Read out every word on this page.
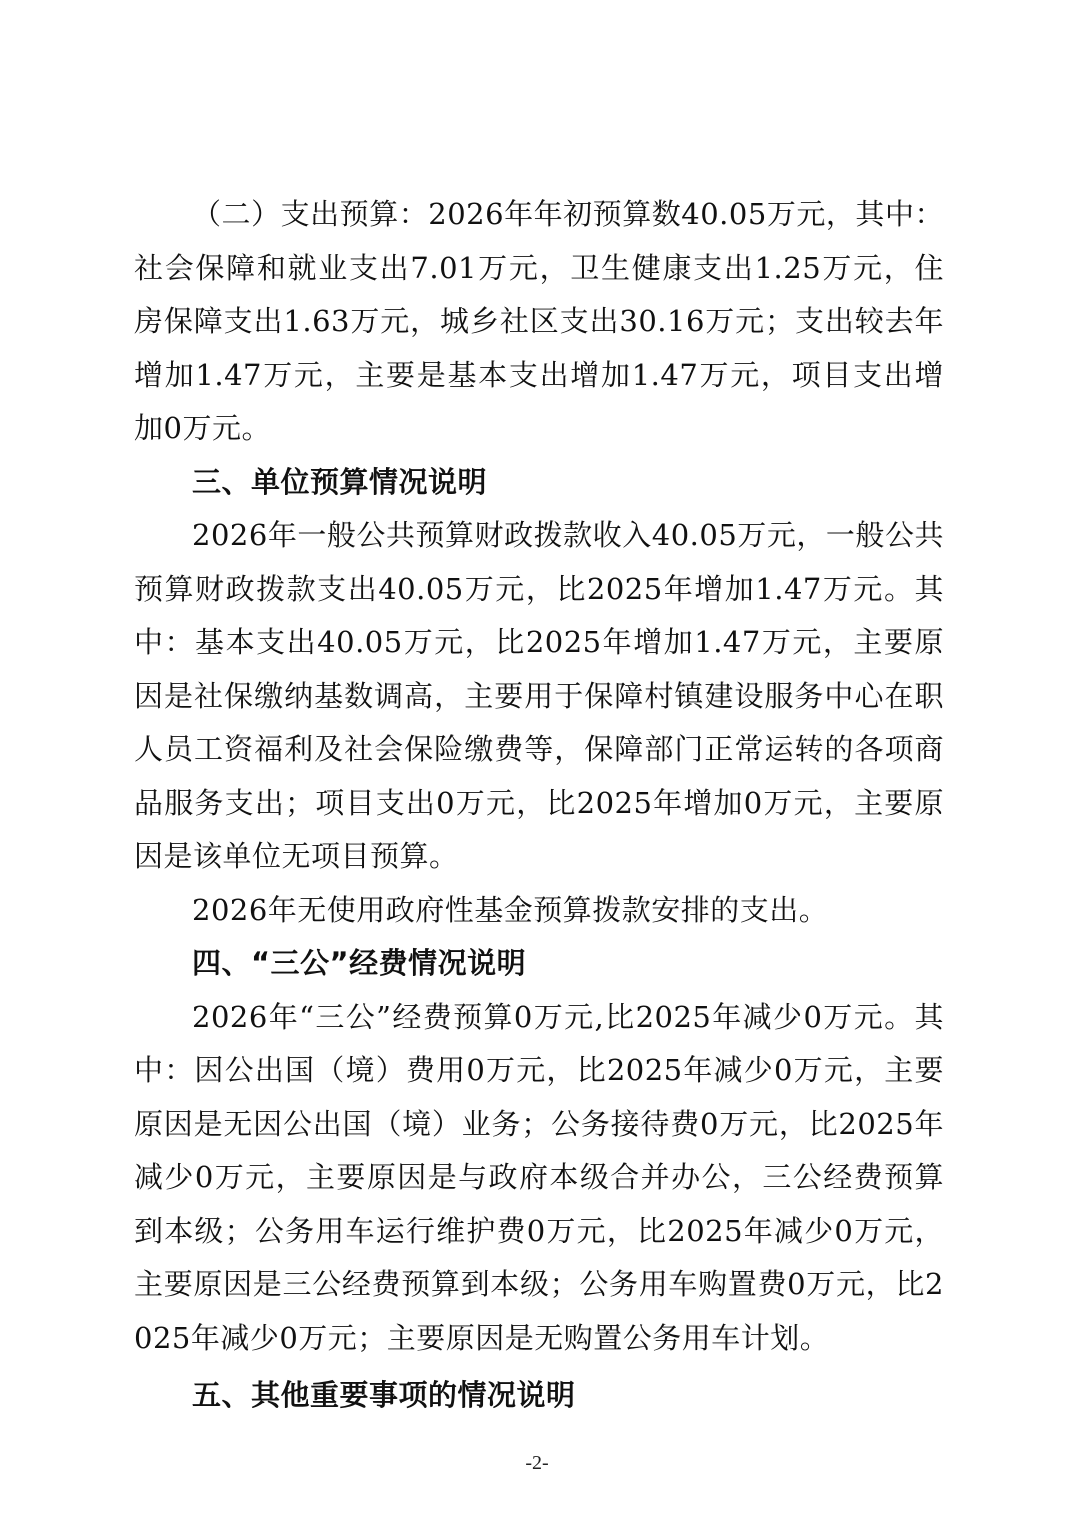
（二）支出预算：2026年年初预算数40.05万元，其中：社会保障和就业支出7.01万元，卫生健康支出1.25万元，住房保障支出1.63万元，城乡社区支出30.16万元；支出较去年增加1.47万元，主要是基本支出增加1.47万元，项目支出增加0万元。

三、单位预算情况说明

2026年一般公共预算财政拨款收入40.05万元，一般公共预算财政拨款支出40.05万元，比2025年增加1.47万元。其中：基本支出40.05万元，比2025年增加1.47万元，主要原因是社保缴纳基数调高，主要用于保障村镇建设服务中心在职人员工资福利及社会保险缴费等，保障部门正常运转的各项商品服务支出；项目支出0万元，比2025年增加0万元，主要原因是该单位无项目预算。

2026年无使用政府性基金预算拨款安排的支出。

四、“三公”经费情况说明

2026年“三公”经费预算0万元,比2025年减少0万元。其中：因公出国（境）费用0万元，比2025年减少0万元，主要原因是无因公出国（境）业务；公务接待费0万元，比2025年减少0万元，主要原因是与政府本级合并办公，三公经费预算到本级；公务用车运行维护费0万元，比2025年减少0万元，主要原因是三公经费预算到本级；公务用车购置费0万元，比2025年减少0万元；主要原因是无购置公务用车计划。

五、其他重要事项的情况说明

-2-
